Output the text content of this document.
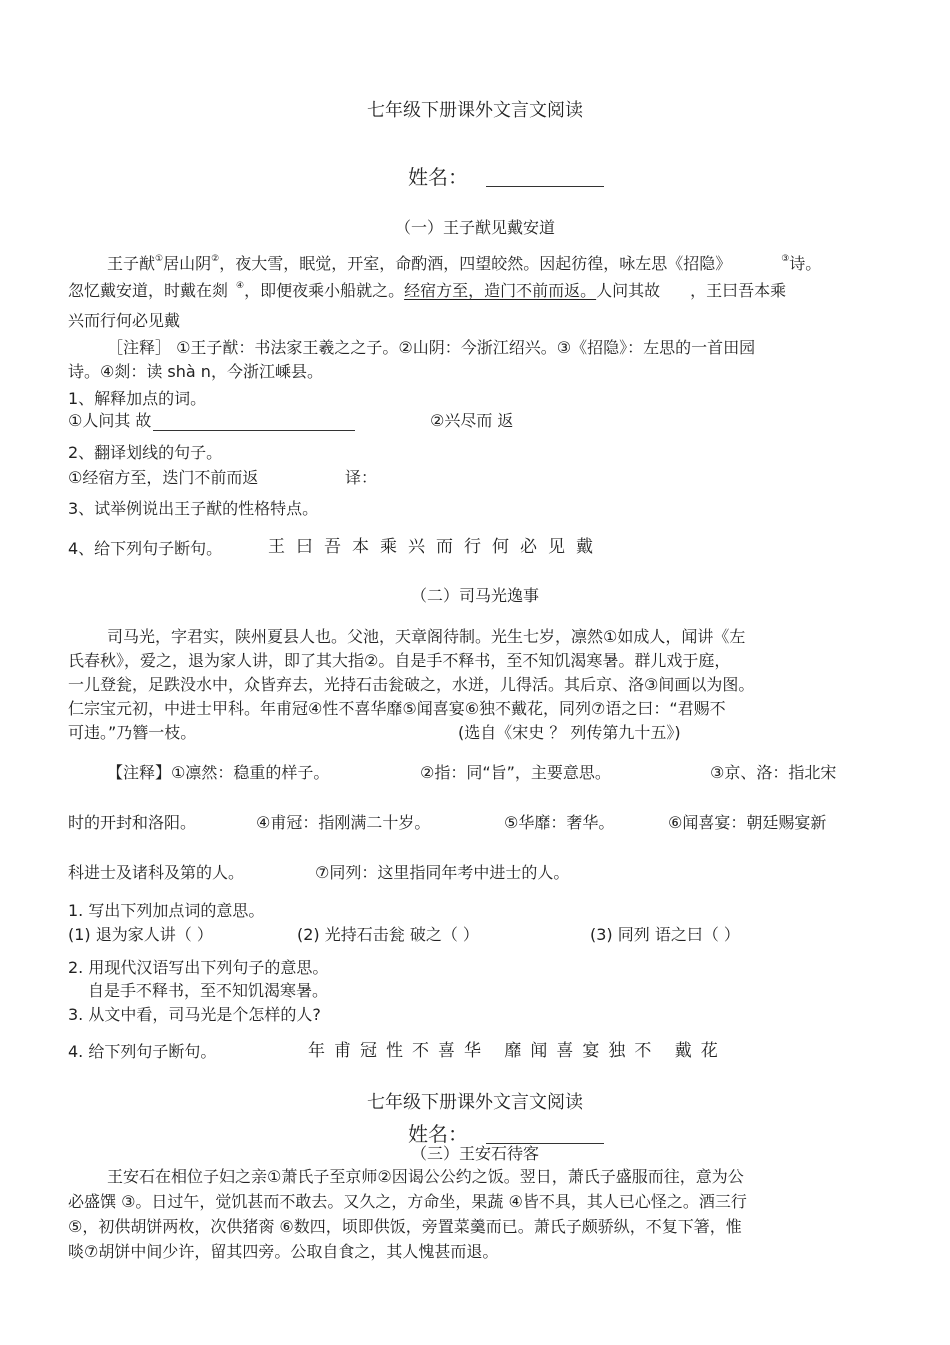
七年级下册课外文言文阅读
姓名：
（一）王子猷见戴安道
王子猷①居山阴②，夜大雪，眠觉，开室，命酌酒，四望皎然。因起彷徨，咏左思《招隐》	③诗。
忽忆戴安道，时戴在剡 ④，即便夜乘小船就之。经宿方至，造门不前而返。人问其故 ，王曰吾本乘
兴而行何必见戴
［注释］ ①王子猷：书法家王羲之之子。②山阴：今浙江绍兴。③《招隐》：左思的一首田园
诗。④剡：读 shà n，今浙江嵊县。
1、解释加点的词。
①人问其 故	②兴尽而 返
2、翻译划线的句子。
①经宿方至，迭门不前而返	译：
3、试举例说出王子猷的性格特点。
4、给下列句子断句。	王曰吾本乘兴而行何必见戴
（二）司马光逸事
司马光，字君实，陕州夏县人也。父池，天章阁待制。光生七岁，凛然①如成人，闻讲《左
氏春秋》，爱之，退为家人讲，即了其大指②。自是手不释书，至不知饥渴寒暑。群儿戏于庭，
一儿登瓮，足跌没水中，众皆弃去，光持石击瓮破之，水迸，儿得活。其后京、洛③间画以为图。
仁宗宝元初，中进士甲科。年甫冠④性不喜华靡⑤闻喜宴⑥独不戴花，同列⑦语之曰：“君赐不
可违。”乃簪一枝。	(选自《宋史 ？ 列传第九十五》)
【注释】①凛然：稳重的样子。	②指：同“旨”，主要意思。	③京、洛：指北宋
时的开封和洛阳。	④甫冠：指刚满二十岁。	⑤华靡：奢华。	⑥闻喜宴：朝廷赐宴新
科进士及诸科及第的人。	⑦同列：这里指同年考中进士的人。
1. 写出下列加点词的意思。
(1) 退为家人讲（ ）	(2) 光持石击瓮 破之（ ）	(3) 同列 语之曰（ ）
2. 用现代汉语写出下列句子的意思。
自是手不释书，至不知饥渴寒暑。
3. 从文中看，司马光是个怎样的人?
4. 给下列句子断句。	年甫冠性不喜华 靡闻喜宴独不 戴花
七年级下册课外文言文阅读
姓名：
（三）王安石待客
王安石在相位子妇之亲①萧氏子至京师②因谒公公约之饭。翌日，萧氏子盛服而往，意为公
必盛馔 ③。日过午，觉饥甚而不敢去。又久之，方命坐，果蔬 ④皆不具，其人已心怪之。酒三行
⑤，初供胡饼两枚，次供猪脔 ⑥数四，顷即供饭，旁置菜羹而已。萧氏子颇骄纵，不复下箸，惟
啖⑦胡饼中间少许，留其四旁。公取自食之，其人愧甚而退。
